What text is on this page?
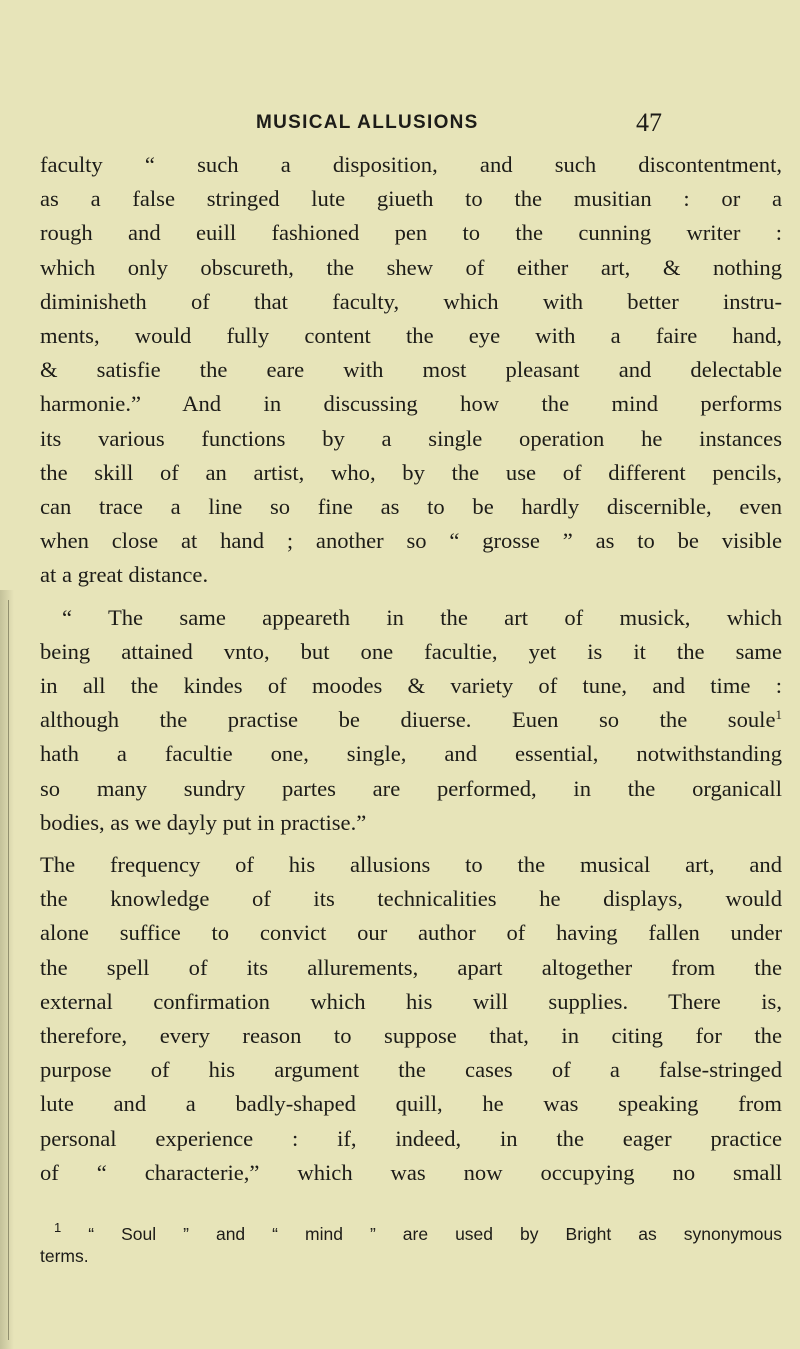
MUSICAL ALLUSIONS	47
faculty “ such a disposition, and such discontentment,
as a false stringed lute giueth to the musitian : or a
rough and euill fashioned pen to the cunning writer :
which only obscureth, the shew of either art, & nothing
diminisheth of that faculty, which with better instru-
ments, would fully content the eye with a faire hand,
& satisfie the eare with most pleasant and delectable
harmonie.” And in discussing how the mind performs
its various functions by a single operation he instances
the skill of an artist, who, by the use of different pencils,
can trace a line so fine as to be hardly discernible, even
when close at hand ; another so “ grosse ” as to be visible
at a great distance.
“ The same appeareth in the art of musick, which
being attained vnto, but one facultie, yet is it the same
in all the kindes of moodes & variety of tune, and time :
although the practise be diuerse. Euen so the soule$^1$
hath a facultie one, single, and essential, notwithstanding
so many sundry partes are performed, in the organicall
bodies, as we dayly put in practise.”
The frequency of his allusions to the musical art, and
the knowledge of its technicalities he displays, would
alone suffice to convict our author of having fallen under
the spell of its allurements, apart altogether from the
external confirmation which his will supplies. There is,
therefore, every reason to suppose that, in citing for the
purpose of his argument the cases of a false-stringed
lute and a badly-shaped quill, he was speaking from
personal experience : if, indeed, in the eager practice
of “ characterie,” which was now occupying no small
$^1$ “ Soul ” and “ mind ” are used by Bright as synonymous
terms.
